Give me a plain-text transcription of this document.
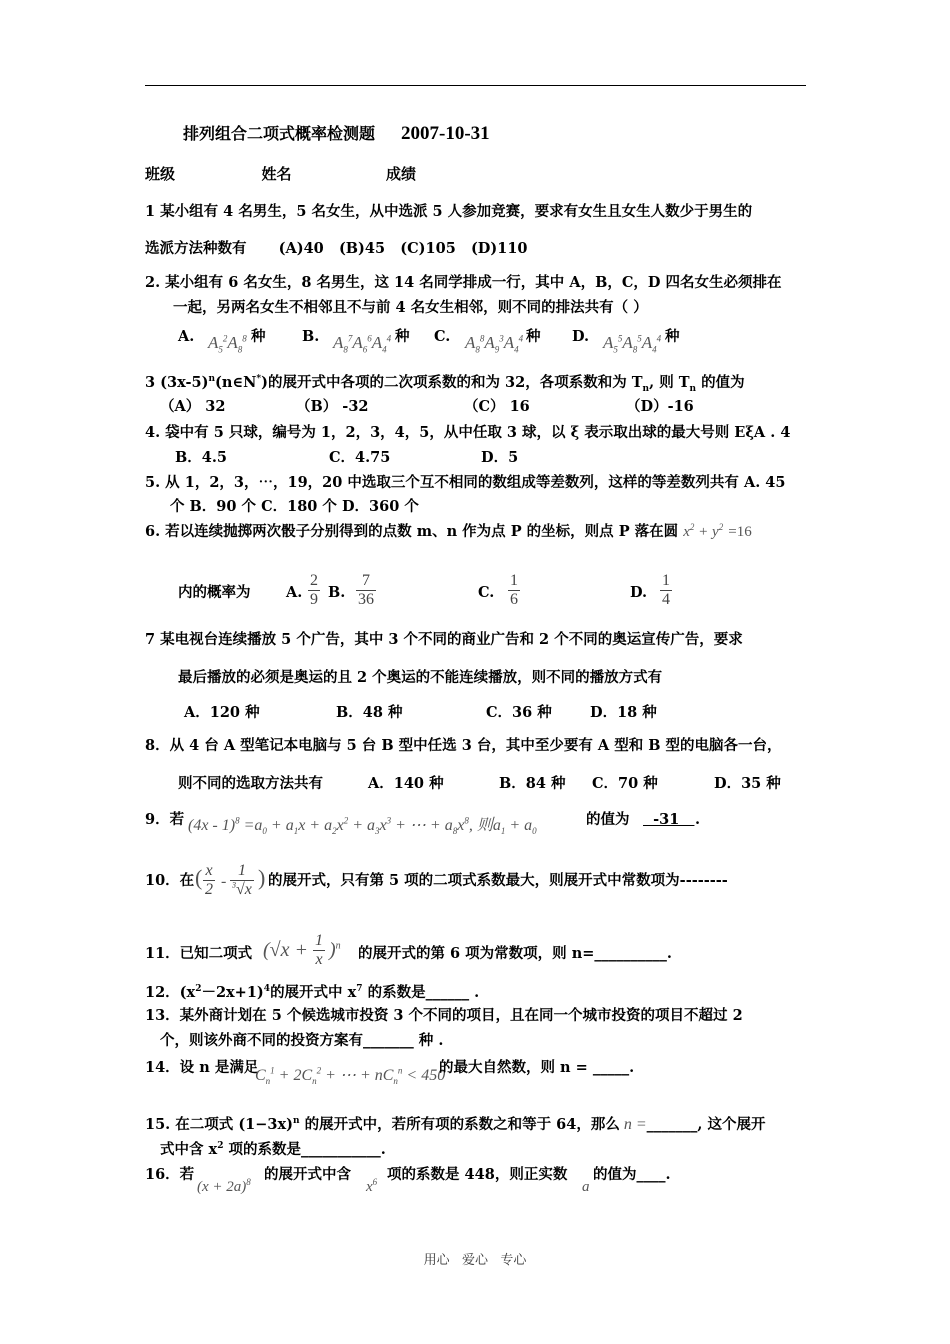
排列组合二项式概率检测题 2007-10-31
班级	姓名	成绩
1 某小组有 4 名男生，5 名女生，从中选派 5 人参加竞赛，要求有女生且女生人数少于男生的
选派方法种数有 (A)40 (B)45 (C)105 (D)110
2. 某小组有 6 名女生，8 名男生，这 14 名同学排成一行，其中 A，B，C，D 四名女生必须排在
一起，另两名女生不相邻且不与前 4 名女生相邻，则不同的排法共有（ ）
A. $A_5^2A_8^8$ 种	B. $A_8^7A_6^6A_4^4$ 种 C. $A_8^8A_9^3A_4^4$ 种 D. $A_5^5A_8^5A_4^4$ 种
3 $(3x-5)^n(n\in N^*)$的展开式中各项的二次项系数的和为 32，各项系数和为 $T_n$, 则 $T_n$ 的值为
（A） 32	（B） -32	（C） 16	（D）-16
4. 袋中有 5 只球，编号为 1，2，3，4，5，从中任取 3 球，以 ξ 表示取出球的最大号则 EξA . 4
B．4.5	C．4.75	D．5
5. 从 1，2，3，⋯，19，20 中选取三个互不相同的数组成等差数列，这样的等差数列共有 A. 45
个 B．90 个 C．180 个 D．360 个
6. 若以连续抛掷两次骰子分别得到的点数 m、n 作为点 P 的坐标，则点 P 落在圆 $x^2 + y^2 =16$
内的概率为 A. $\frac{2}{9} B$. $\frac{7}{36}$	C. $\frac{1}{6}$	D. $\frac{1}{4}$
7 某电视台连续播放 5 个广告，其中 3 个不同的商业广告和 2 个不同的奥运宣传广告，要求
最后播放的必须是奥运的且 2 个奥运的不能连续播放，则不同的播放方式有
A．120 种	B．48 种	C．36 种	D．18 种
8．从 4 台 A 型笔记本电脑与 5 台 B 型中任选 3 台，其中至少要有 A 型和 B 型的电脑各一台，
则不同的选取方法共有	A．140 种	B．84 种 C．70 种	D．35 种
9．若 $(4x - 1)^8 =a_0 + a_1x + a_2x^2 + a_3x^3$ + ⋯ + $a_8x^8$, 则$a_1 + a_0$
的值为 -31 .
10．在 ( $\frac{x}{2} - \frac{1}{^3√x}$ ) 的展开式，只有第 5 项的二项式系数最大，则展开式中常数项为--------
11．已知二项式 $(√x + \frac{1}{x} )^n$ 的展开式的第 6 项为常数项，则 n=__________.
12．$(x^2-2x+1)^4$的展开式中 $x^7$ 的系数是______ .
13．某外商计划在 5 个候选城市投资 3 个不同的项目，且在同一个城市投资的项目不超过 2
个，则该外商不同的投资方案有_______ 种 .
14．设 n 是满足
$C_n^1 + 2C_n^2$ + ⋯ + $nC_n^n < 450$
的最大自然数，则 n = _____.
15. 在二项式 $(1-3x)^n$ 的展开式中，若所有项的系数之和等于 64，那么 n =_______, 这个展开
式中含 $x^2$ 项的系数是___________.
16．若
$(x + 2a)^8$ 的展开式中含
$x^6$ 项的系数是 448，则正实数
a
的值为____.
用心   爱心   专心
